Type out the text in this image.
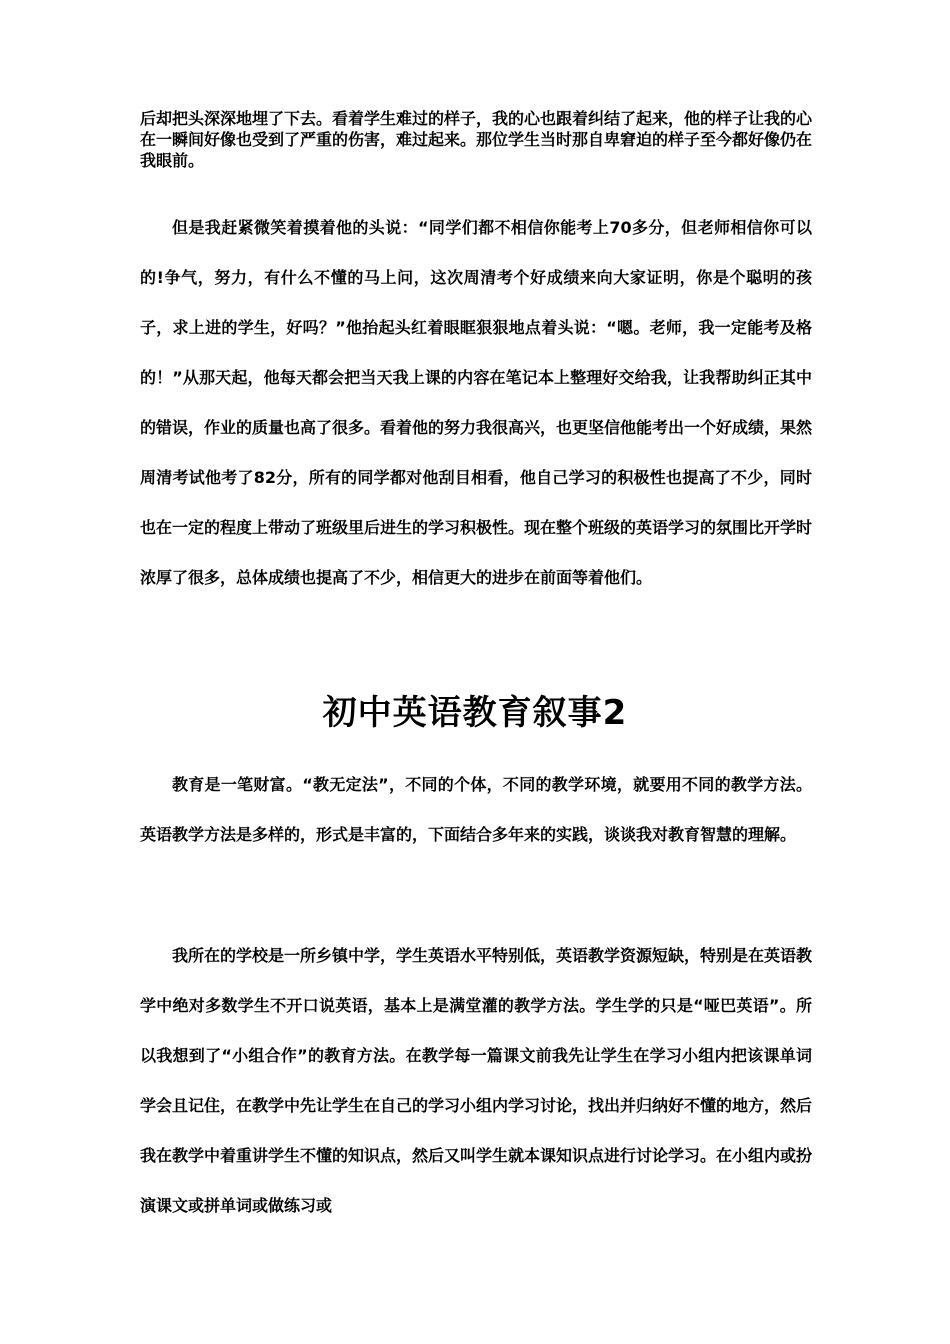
后却把头深深地埋了下去。看着学生难过的样子，我的心也跟着纠结了起来，他的样子让我的心在一瞬间好像也受到了严重的伤害，难过起来。那位学生当时那自卑窘迫的样子至今都好像仍在我眼前。

但是我赶紧微笑着摸着他的头说：“同学们都不相信你能考上70多分，但老师相信你可以的!争气，努力，有什么不懂的马上问，这次周清考个好成绩来向大家证明，你是个聪明的孩子，求上进的学生，好吗？”他抬起头红着眼眶狠狠地点着头说：“嗯。老师，我一定能考及格的！”从那天起，他每天都会把当天我上课的内容在笔记本上整理好交给我，让我帮助纠正其中的错误，作业的质量也高了很多。看着他的努力我很高兴，也更坚信他能考出一个好成绩，果然周清考试他考了82分，所有的同学都对他刮目相看，他自己学习的积极性也提高了不少，同时也在一定的程度上带动了班级里后进生的学习积极性。现在整个班级的英语学习的氛围比开学时浓厚了很多，总体成绩也提高了不少，相信更大的进步在前面等着他们。

初中英语教育叙事2

教育是一笔财富。“教无定法”，不同的个体，不同的教学环境，就要用不同的教学方法。英语教学方法是多样的，形式是丰富的，下面结合多年来的实践，谈谈我对教育智慧的理解。

我所在的学校是一所乡镇中学，学生英语水平特别低，英语教学资源短缺，特别是在英语教学中绝对多数学生不开口说英语，基本上是满堂灌的教学方法。学生学的只是“哑巴英语”。所以我想到了“小组合作”的教育方法。在教学每一篇课文前我先让学生在学习小组内把该课单词学会且记住，在教学中先让学生在自己的学习小组内学习讨论，找出并归纳好不懂的地方，然后我在教学中着重讲学生不懂的知识点，然后又叫学生就本课知识点进行讨论学习。在小组内或扮演课文或拼单词或做练习或
